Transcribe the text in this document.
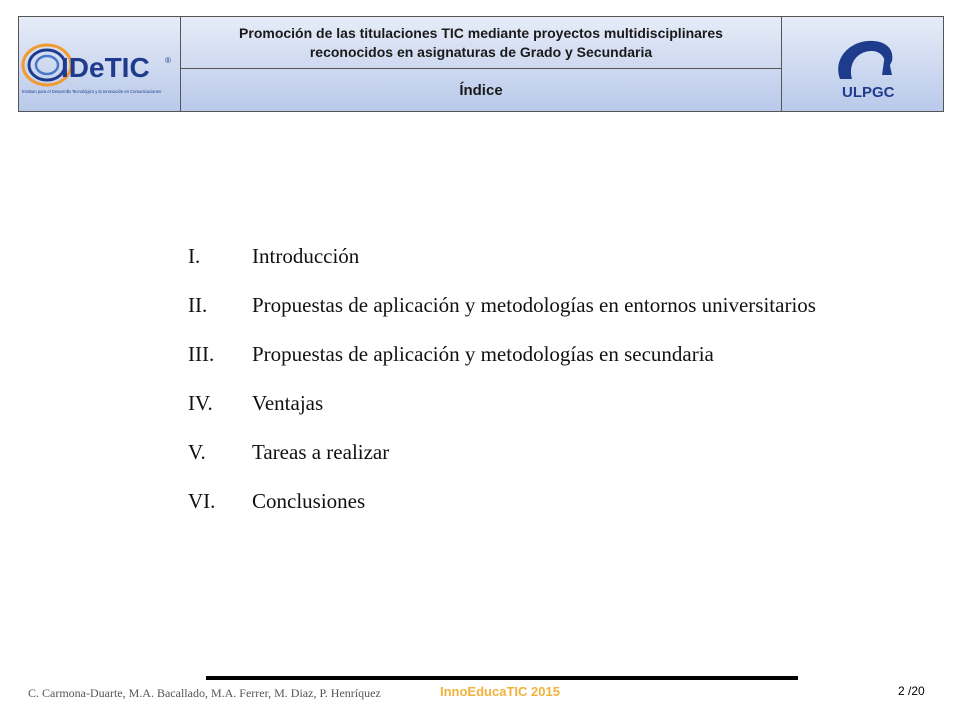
IDeTIC ®
Instituto para el Desarrollo Tecnológico y la Innovación en Comunicaciones
Promoción de las titulaciones TIC mediante proyectos multidisciplinares reconocidos en asignaturas de Grado y Secundaria
Índice	ULPGC
I.	Introducción
II.	Propuestas de aplicación y metodologías en entornos universitarios
III.	Propuestas de aplicación y metodologías en secundaria
IV.	Ventajas
V.	Tareas a realizar
VI.	Conclusiones
C. Carmona-Duarte, M.A. Bacallado, M.A. Ferrer, M. Diaz, P. Henríquez	InnoEducaTIC 2015	2 /20
